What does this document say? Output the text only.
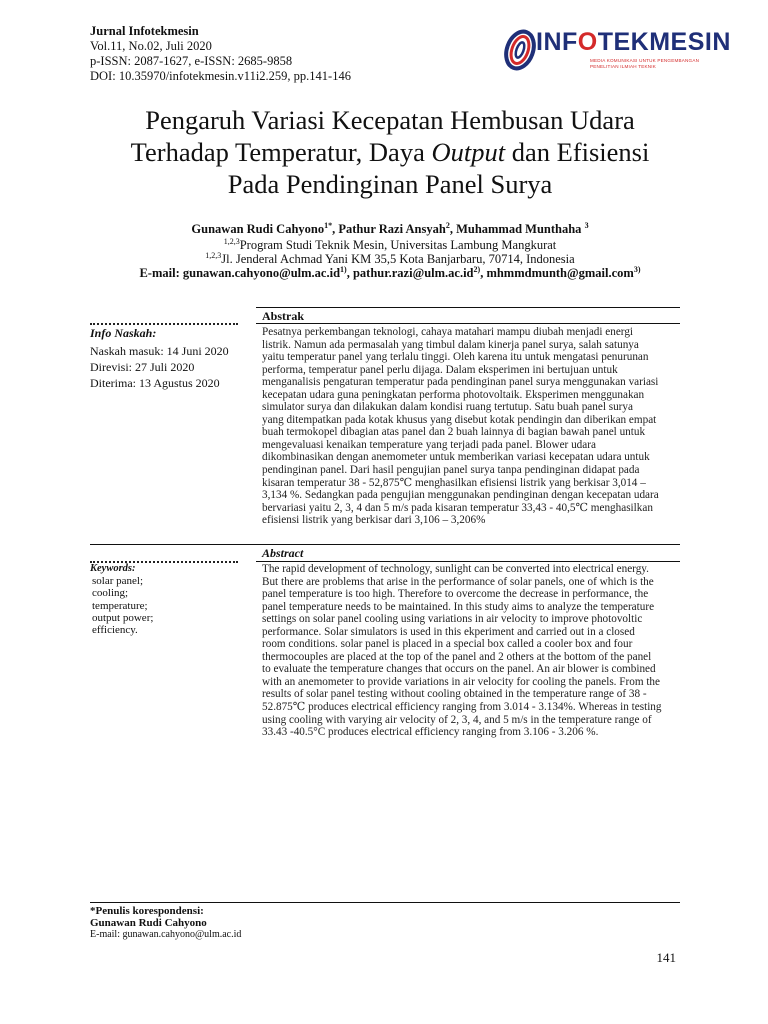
Jurnal Infotekmesin
Vol.11, No.02, Juli 2020
p-ISSN: 2087-1627, e-ISSN: 2685-9858
DOI: 10.35970/infotekmesin.v11i2.259, pp.141-146
INFOTEKMESIN
MEDIA KOMUNIKASI UNTUK PENGEMBANGAN
PENELITIAN ILMIAH TEKNIK
Pengaruh Variasi Kecepatan Hembusan Udara
Terhadap Temperatur, Daya Output dan Efisiensi
Pada Pendinginan Panel Surya
Gunawan Rudi Cahyono$^{1*}$, Pathur Razi Ansyah$^2$, Muhammad Munthaha $^3$
$^{1,2,3}$Program Studi Teknik Mesin, Universitas Lambung Mangkurat
$^{1,2,3}$Jl. Jenderal Achmad Yani KM 35,5 Kota Banjarbaru, 70714, Indonesia
E-mail: $gunawan.cahyono@ulm.ac.id^{1)}$, $pathur.razi@ulm.ac.id^{2)}$, mhmmdmunth@gmail.com$^{3)}$
Abstrak
Info Naskah:
Naskah masuk: 14 Juni 2020
Direvisi: 27 Juli 2020
Diterima: 13 Agustus 2020

Pesatnya perkembangan teknologi, cahaya matahari mampu diubah menjadi energi

listrik. Namun ada permasalah yang timbul dalam kinerja panel surya, salah satunya

yaitu temperatur panel yang terlalu tinggi. Oleh karena itu untuk mengatasi penurunan

performa, temperatur panel perlu dijaga. Dalam eksperimen ini bertujuan untuk

menganalisis pengaturan temperatur pada pendinginan panel surya menggunakan variasi

kecepatan udara guna peningkatan performa photovoltaik. Eksperimen menggunakan

simulator surya dan dilakukan dalam kondisi ruang tertutup. Satu buah panel surya

yang ditempatkan pada kotak khusus yang disebut kotak pendingin dan diberikan empat

buah termokopel dibagian atas panel dan 2 buah lainnya di bagian bawah panel untuk

mengevaluasi kenaikan temperature yang terjadi pada panel. Blower udara

dikombinasikan dengan anemometer untuk memberikan variasi kecepatan udara untuk

pendinginan panel. Dari hasil pengujian panel surya tanpa pendinginan didapat pada

kisaran temperatur 38 - 52,875℃ menghasilkan efisiensi listrik yang berkisar 3,014 –

3,134 %. Sedangkan pada pengujian menggunakan pendinginan dengan kecepatan udara

bervariasi yaitu 2, 3, 4 dan 5 m/s pada kisaran temperatur 33,43 - 40,5℃ menghasilkan

efisiensi listrik yang berkisar dari 3,106 – 3,206%

Abstract
Keywords:
solar panel;
cooling;
temperature;
output power;
efficiency.

The rapid development of technology, sunlight can be converted into electrical energy.

But there are problems that arise in the performance of solar panels, one of which is the

panel temperature is too high. Therefore to overcome the decrease in performance, the

panel temperature needs to be maintained. In this study aims to analyze the temperature

settings on solar panel cooling using variations in air velocity to improve photovoltic

performance. Solar simulators is used in this ekperiment and carried out in a closed

room conditions. solar panel is placed in a special box called a cooler box and four

thermocouples are placed at the top of the panel and 2 others at the bottom of the panel

to evaluate the temperature changes that occurs on the panel. An air blower is combined

with an anemometer to provide variations in air velocity for cooling the panels. From the

results of solar panel testing without cooling obtained in the temperature range of 38 -

52.875℃ produces electrical efficiency ranging from 3.014 - 3.134%. Whereas in testing

using cooling with varying air velocity of 2, 3, 4, and 5 m/s in the temperature range of

33.43 -40.5°C produces electrical efficiency ranging from 3.106 - 3.206 %.

*Penulis korespondensi:
Gunawan Rudi Cahyono
E-mail: gunawan.cahyono@ulm.ac.id
141
